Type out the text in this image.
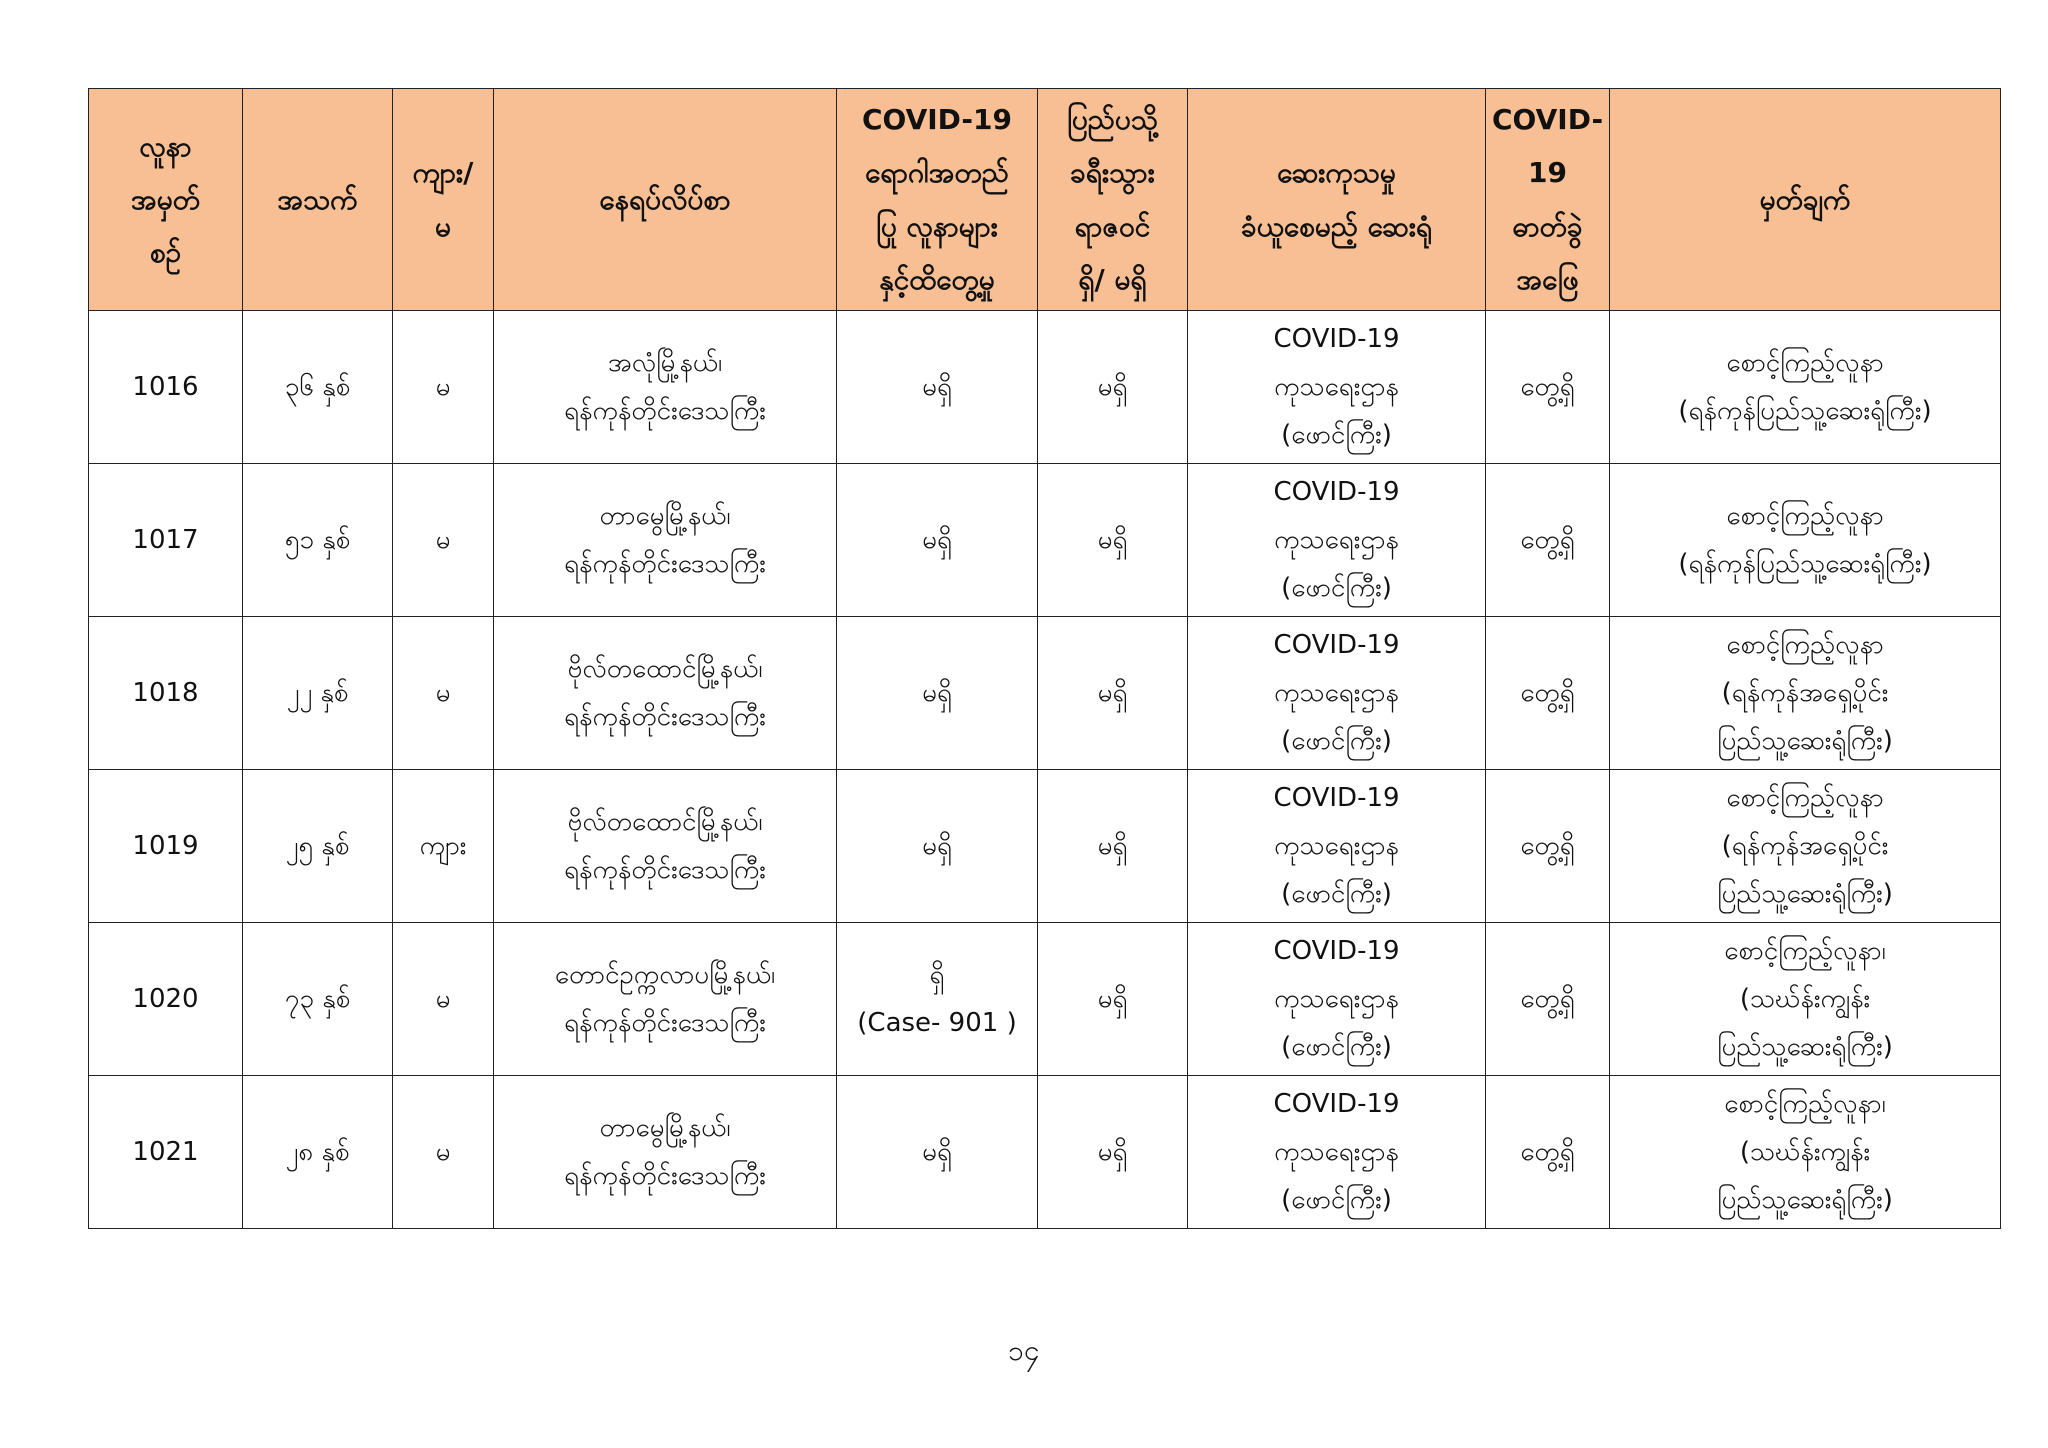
လူနာ
အမှတ်
စဉ်	အသက်	ကျား/
မ	နေရပ်လိပ်စာ	COVID-19
ရောဂါအတည်
ပြု လူနာများ
နှင့်ထိတွေ့မှု	ပြည်ပသို့
ခရီးသွား
ရာဇဝင်
ရှိ/ မရှိ	ဆေးကုသမှု
ခံယူစေမည့် ဆေးရုံ	COVID-
19
ဓာတ်ခွဲ
အဖြေ	မှတ်ချက်

1016	၃၆ နှစ်	မ	အလုံမြို့နယ်၊
ရန်ကုန်တိုင်းဒေသကြီး	မရှိ	မရှိ	COVID-19
ကုသရေးဌာန
(ဖောင်ကြီး)	တွေ့ရှိ	စောင့်ကြည့်လူနာ
(ရန်ကုန်ပြည်သူ့ဆေးရုံကြီး)

1017	၅၁ နှစ်	မ	တာမွေမြို့နယ်၊
ရန်ကုန်တိုင်းဒေသကြီး	မရှိ	မရှိ	COVID-19
ကုသရေးဌာန
(ဖောင်ကြီး)	တွေ့ရှိ	စောင့်ကြည့်လူနာ
(ရန်ကုန်ပြည်သူ့ဆေးရုံကြီး)

1018	၂၂ နှစ်	မ	ဗိုလ်တထောင်မြို့နယ်၊
ရန်ကုန်တိုင်းဒေသကြီး	မရှိ	မရှိ	COVID-19
ကုသရေးဌာန
(ဖောင်ကြီး)	တွေ့ရှိ	စောင့်ကြည့်လူနာ
(ရန်ကုန်အရှေ့ပိုင်း
ပြည်သူ့ဆေးရုံကြီး)

1019	၂၅ နှစ်	ကျား	ဗိုလ်တထောင်မြို့နယ်၊
ရန်ကုန်တိုင်းဒေသကြီး	မရှိ	မရှိ	COVID-19
ကုသရေးဌာန
(ဖောင်ကြီး)	တွေ့ရှိ	စောင့်ကြည့်လူနာ
(ရန်ကုန်အရှေ့ပိုင်း
ပြည်သူ့ဆေးရုံကြီး)

1020	၇၃ နှစ်	မ	တောင်ဥက္ကလာပမြို့နယ်၊
ရန်ကုန်တိုင်းဒေသကြီး	ရှိ
(Case- 901 )	မရှိ	COVID-19
ကုသရေးဌာန
(ဖောင်ကြီး)	တွေ့ရှိ	စောင့်ကြည့်လူနာ၊
(သဃ်န်းကျွန်း
ပြည်သူ့ဆေးရုံကြီး)

1021	၂၈ နှစ်	မ	တာမွေမြို့နယ်၊
ရန်ကုန်တိုင်းဒေသကြီး	မရှိ	မရှိ	COVID-19
ကုသရေးဌာန
(ဖောင်ကြီး)	တွေ့ရှိ	စောင့်ကြည့်လူနာ၊
(သဃ်န်းကျွန်း
ပြည်သူ့ဆေးရုံကြီး)
၁၄
